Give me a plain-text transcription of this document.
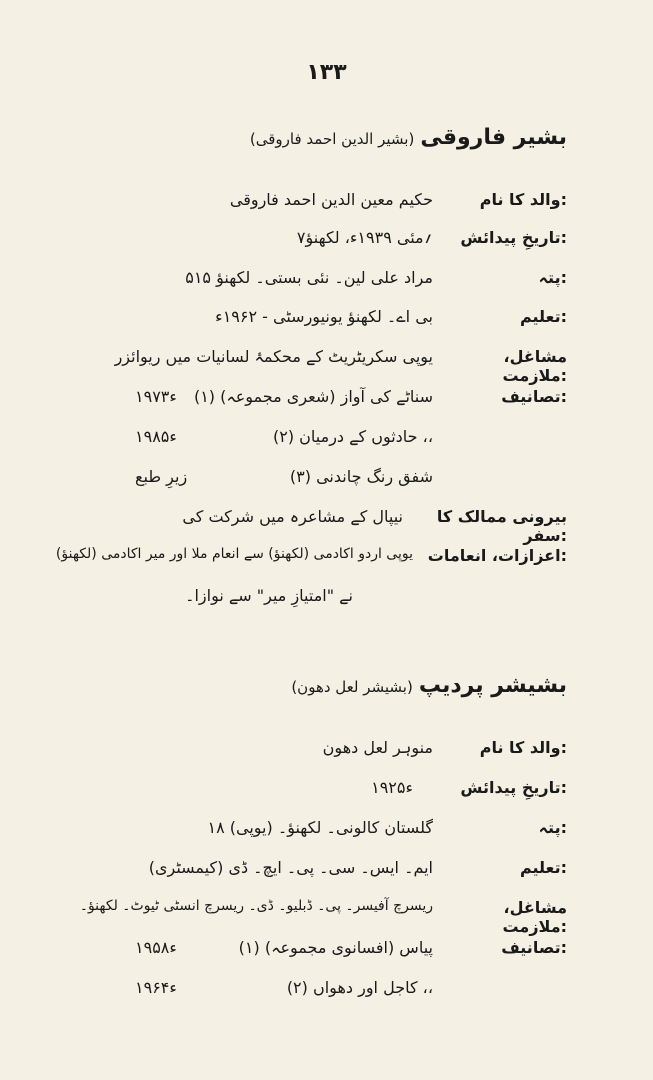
۱۳۳
بشیر فاروقی(بشیر الدین احمد فاروقی)
والد کا نام:
حکیم معین الدین احمد فاروقی
تاریخِ پیدائش:
۷؍مئی ۱۹۳۹ء، لکھنؤ
پتہ:
۵۱۵ مراد علی لین۔ نئی بستی۔ لکھنؤ
تعلیم:
بی اے۔ لکھنؤ یونیورسٹی - ۱۹۶۲ء
مشاغل، ملازمت:
یوپی سکریٹریٹ کے محکمۂ لسانیات میں ریوائزر
تصانیف:
(۱) سناٹے کی آواز (شعری مجموعہ)
۱۹۷۳ء
(۲) حادثوں کے درمیان ،،
۱۹۸۵ء
(۳) شفق رنگ چاندنی
زیرِ طبع
بیرونی ممالک کا سفر:
نیپال کے مشاعرہ میں شرکت کی
اعزازات، انعامات:
یوپی اردو اکادمی (لکھنؤ) سے انعام ملا اور میر اکادمی (لکھنؤ)
نے "امتیازِ میر" سے نوازا۔
بشیشر پردیپ(بشیشر لعل دھون)
والد کا نام:
منوہر لعل دھون
تاریخِ پیدائش:
۱۹۲۵ء
پتہ:
۱۸ گلستان کالونی۔ لکھنؤ۔ (یوپی)
تعلیم:
ایم۔ ایس۔ سی۔ پی۔ ایچ۔ ڈی (کیمسٹری)
مشاغل، ملازمت:
ریسرچ آفیسر۔ پی۔ ڈبلیو۔ ڈی۔ ریسرچ انسٹی ٹیوٹ۔ لکھنؤ۔
تصانیف:
(۱) پیاس (افسانوی مجموعہ)
۱۹۵۸ء
(۲) کاجل اور دھواں ،،
۱۹۶۴ء
